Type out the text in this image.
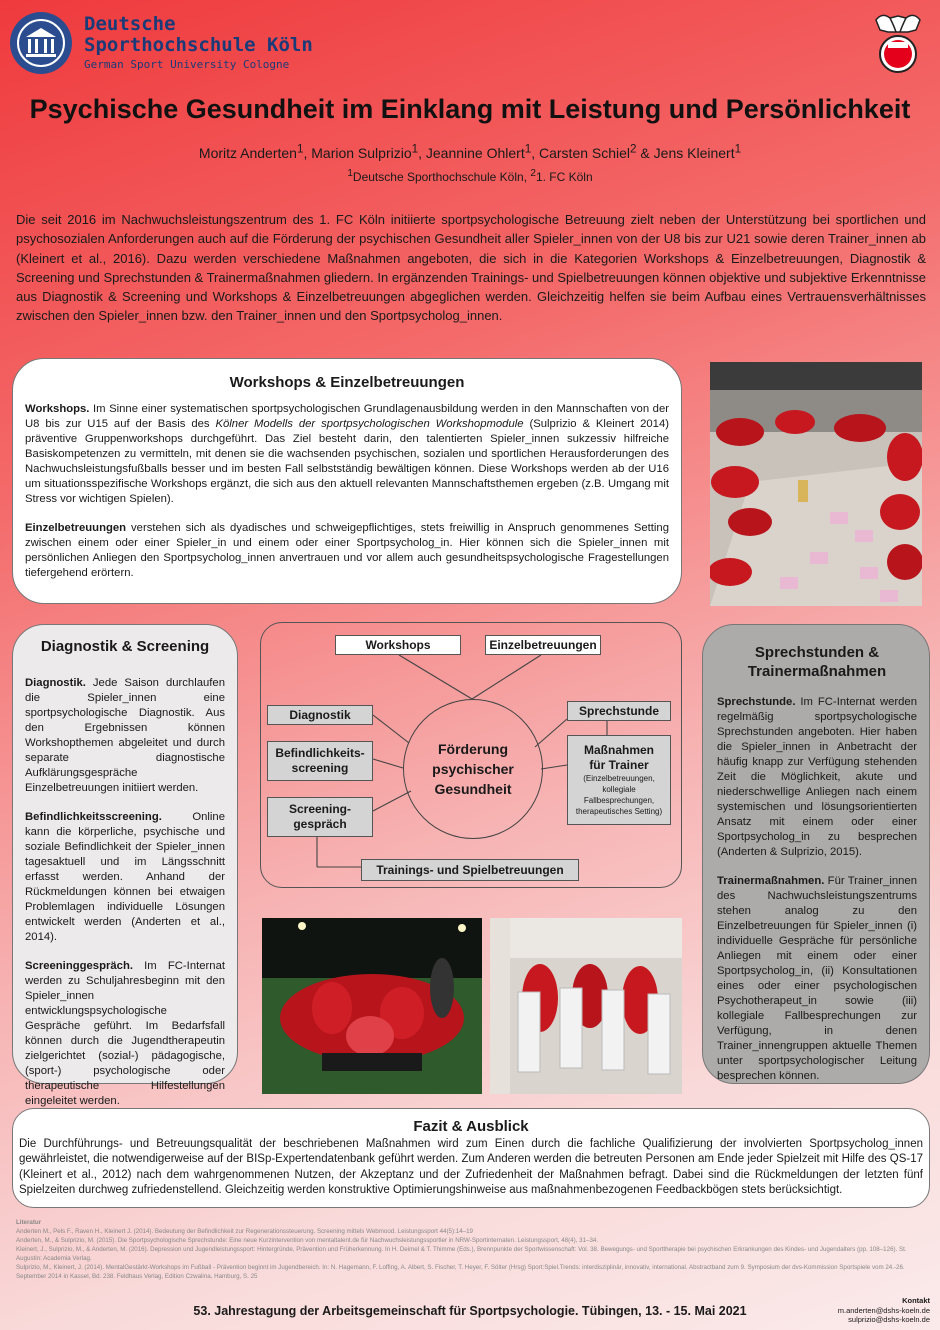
Deutsche
Sporthochschule Köln
German Sport University Cologne
Psychische Gesundheit im Einklang mit Leistung und Persönlichkeit
Moritz Anderten$^1$, Marion Sulprizio$^1$, Jeannine Ohlert$^1$, Carsten Schiel$^2$ & Jens Kleinert$^1$
$^1$Deutsche Sporthochschule Köln, $^2$1. FC Köln
Die seit 2016 im Nachwuchsleistungszentrum des 1. FC Köln initiierte sportpsychologische Betreuung zielt neben der Unterstützung bei sportlichen und psychosozialen Anforderungen auch auf die Förderung der psychischen Gesundheit aller Spieler_innen von der U8 bis zur U21 sowie deren Trainer_innen ab (Kleinert et al., 2016). Dazu werden verschiedene Maßnahmen angeboten, die sich in die Kategorien Workshops & Einzelbetreuungen, Diagnostik & Screening und Sprechstunden & Trainermaßnahmen gliedern. In ergänzenden Trainings- und Spielbetreuungen können objektive und subjektive Erkenntnisse aus Diagnostik & Screening und Workshops & Einzelbetreuungen abgeglichen werden. Gleichzeitig helfen sie beim Aufbau eines Vertrauensverhältnisses zwischen den Spieler_innen bzw. den Trainer_innen und den Sportpsycholog_innen.
Workshops & Einzelbetreuungen

Workshops. Im Sinne einer systematischen sportpsychologischen Grundlagenausbildung werden in den Mannschaften von der U8 bis zur U15 auf der Basis des Kölner Modells der sportpsychologischen Workshopmodule (Sulprizio & Kleinert 2014) präventive Gruppenworkshops durchgeführt. Das Ziel besteht darin, den talentierten Spieler_innen sukzessiv hilfreiche Basiskompetenzen zu vermitteln, mit denen sie die wachsenden psychischen, sozialen und sportlichen Herausforderungen des Nachwuchsleistungsfußballs besser und im besten Fall selbstständig bewältigen können. Diese Workshops werden ab der U16 um situationsspezifische Workshops ergänzt, die sich aus den aktuell relevanten Mannschaftsthemen ergeben (z.B. Umgang mit Stress vor wichtigen Spielen).

Einzelbetreuungen verstehen sich als dyadisches und schweigepflichtiges, stets freiwillig in Anspruch genommenes Setting zwischen einem oder einer Spieler_in und einem oder einer Sportpsycholog_in. Hier können sich die Spieler_innen mit persönlichen Anliegen den Sportpsycholog_innen anvertrauen und vor allem auch gesundheitspsychologische Fragestellungen tiefergehend erörtern.

Diagnostik & Screening

Diagnostik. Jede Saison durchlaufen die Spieler_innen eine sportpsychologische Diagnostik. Aus den Ergebnissen können Workshopthemen abgeleitet und durch separate diagnostische Aufklärungsgespräche Einzelbetreuungen initiiert werden.

Befindlichkeitsscreening. Online kann die körperliche, psychische und soziale Befindlichkeit der Spieler_innen tagesaktuell und im Längsschnitt erfasst werden. Anhand der Rückmeldungen können bei etwaigen Problemlagen individuelle Lösungen entwickelt werden (Anderten et al., 2014).

Screeninggespräch. Im FC-Internat werden zu Schuljahresbeginn mit den Spieler_innen entwicklungspsychologische Gespräche geführt. Im Bedarfsfall können durch die Jugendtherapeutin zielgerichtet (sozial-) pädagogische, (sport-) psychologische oder therapeutische Hilfestellungen eingeleitet werden.

Workshops	Einzelbetreuungen
Diagnostik
Befindlichkeits-
screening
Screening-
gespräch
Förderung
psychischer
Gesundheit
Sprechstunde
Maßnahmen
für Trainer
(Einzelbetreuungen,
kollegiale
Fallbesprechungen,
therapeutisches Setting)
Trainings- und Spielbetreuungen
Sprechstunden &
Trainermaßnahmen

Sprechstunde. Im FC-Internat werden regelmäßig sportpsychologische Sprechstunden angeboten. Hier haben die Spieler_innen in Anbetracht der häufig knapp zur Verfügung stehenden Zeit die Möglichkeit, akute und niederschwellige Anliegen nach einem systemischen und lösungsorientierten Ansatz mit einem oder einer Sportpsycholog_in zu besprechen (Anderten & Sulprizio, 2015).

Trainermaßnahmen. Für Trainer_innen des Nachwuchsleistungszentrums stehen analog zu den Einzelbetreuungen für Spieler_innen (i) individuelle Gespräche für persönliche Anliegen mit einem oder einer Sportpsycholog_in, (ii) Konsultationen eines oder einer psychologischen Psychotherapeut_in sowie (iii) kollegiale Fallbesprechungen zur Verfügung, in denen Trainer_innengruppen aktuelle Themen unter sportpsychologischer Leitung besprechen können.

Fazit & Ausblick

Die Durchführungs- und Betreuungsqualität der beschriebenen Maßnahmen wird zum Einen durch die fachliche Qualifizierung der involvierten Sportpsycholog_innen gewährleistet, die notwendigerweise auf der BISp-Expertendatenbank geführt werden. Zum Anderen werden die betreuten Personen am Ende jeder Spielzeit mit Hilfe des QS-17 (Kleinert et al., 2012) nach dem wahrgenommenen Nutzen, der Akzeptanz und der Zufriedenheit der Maßnahmen befragt. Dabei sind die Rückmeldungen der letzten fünf Spielzeiten durchweg zufriedenstellend. Gleichzeitig werden konstruktive Optimierungshinweise aus maßnahmenbezogenen Feedbackbögen stets berücksichtigt.

Literatur
Anderten M., Pels F., Raven H., Kleinert J. (2014). Bedeutung der Befindlichkeit zur Regenerationssteuerung. Screening mittels Webmood. Leistungssport 44(5):14–19
Anderten, M., & Sulprizio, M. (2015). Die Sportpsychologische Sprechstunde: Eine neue Kurzintervention von mentaltalent.de für Nachwuchsleistungssportler in NRW-Sportinternaten. Leistungssport, 48(4), 31–34.
Kleinert, J., Sulprizio, M., & Anderten, M. (2016). Depression und Jugendleistungssport: Hintergründe, Prävention und Früherkennung. In H. Deimel & T. Thimme (Eds.), Brennpunkte der Sportwissenschaft: Vol. 38. Bewegungs- und Sporttherapie bei psychischen Erkrankungen des Kindes- und Jugendalters (pp. 108–126). St. Augustin: Academia Verlag.
Sulprizio, M., Kleinert, J. (2014). MentalGestärkt-Workshops im Fußball - Prävention beginnt im Jugendbereich. In: N. Hagemann, F. Loffing, A. Albert, S. Fischer, T. Heyer, F. Sölter (Hrsg) Sport:Spiel.Trends: interdisziplinär, innovativ, international. Abstractband zum 9. Symposium der dvs-Kommission Sportspiele vom 24.-26. September 2014 in Kassel, Bd. 238. Feldhaus Verlag, Edition Czwalina, Hamburg, S. 25
53. Jahrestagung der Arbeitsgemeinschaft für Sportpsychologie. Tübingen, 13. - 15. Mai 2021
Kontakt
m.anderten@dshs-koeln.de
sulprizio@dshs-koeln.de
